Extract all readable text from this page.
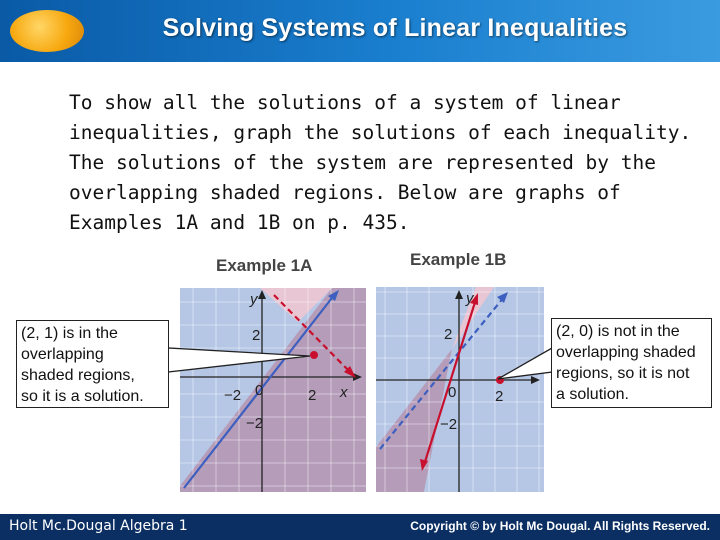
Solving Systems of Linear Inequalities
To show all the solutions of a system of linear
inequalities, graph the solutions of each inequality.
The solutions of the system are represented by the
overlapping shaded regions. Below are graphs of
Examples 1A and 1B on p. 435.
Example 1A
−2 0	2
2
−2
x
y
Example 1B
0	2
2
−2
y
(2, 1) is in the
overlapping
shaded regions,
so it is a solution.
(2, 0) is not in the
overlapping shaded
regions, so it is not
a solution.
Holt Mc.Dougal Algebra 1	Copyright © by Holt Mc Dougal. All Rights Reserved.
